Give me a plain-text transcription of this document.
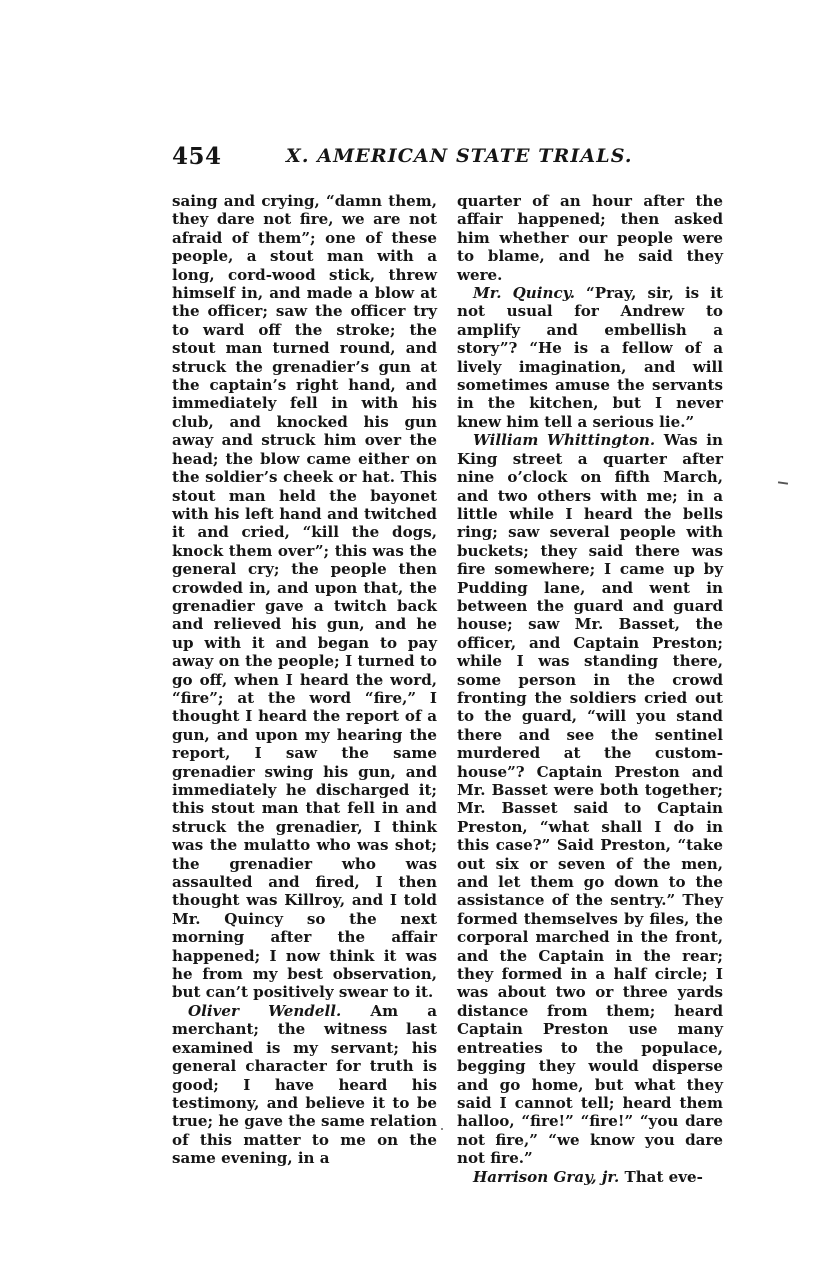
454	X. AMERICAN STATE TRIALS.

saing and crying, “damn them, they dare not fire, we are not afraid of them”; one of these people, a stout man with a long, cord-wood stick, threw himself in, and made a blow at the officer; saw the officer try to ward off the stroke; the stout man turned round, and struck the grenadier’s gun at the captain’s right hand, and immediately fell in with his club, and knocked his gun away and struck him over the head; the blow came either on the soldier’s cheek or hat. This stout man held the bayonet with his left hand and twitched it and cried, “kill the dogs, knock them over”; this was the general cry; the people then crowded in, and upon that, the grenadier gave a twitch back and relieved his gun, and he up with it and began to pay away on the people; I turned to go off, when I heard the word, “fire”; at the word “fire,” I thought I heard the report of a gun, and upon my hearing the report, I saw the same grenadier swing his gun, and immediately he discharged it; this stout man that fell in and struck the grenadier, I think was the mulatto who was shot; the grenadier who was assaulted and fired, I then thought was Killroy, and I told Mr. Quincy so the next morning after the affair happened; I now think it was he from my best observation, but can’t positively swear to it.

Oliver Wendell. Am a merchant; the witness last examined is my servant; his general character for truth is good; I have heard his testimony, and believe it to be true; he gave the same relation of this matter to me on the same evening, in a

quarter of an hour after the affair happened; then asked him whether our people were to blame, and he said they were.

Mr. Quincy. “Pray, sir, is it not usual for Andrew to amplify and embellish a story”? “He is a fellow of a lively imagination, and will sometimes amuse the servants in the kitchen, but I never knew him tell a serious lie.”

William Whittington. Was in King street a quarter after nine o’clock on fifth March, and two others with me; in a little while I heard the bells ring; saw several people with buckets; they said there was fire somewhere; I came up by Pudding lane, and went in between the guard and guard house; saw Mr. Basset, the officer, and Captain Preston; while I was standing there, some person in the crowd fronting the soldiers cried out to the guard, “will you stand there and see the sentinel murdered at the custom-house”? Captain Preston and Mr. Basset were both together; Mr. Basset said to Captain Preston, “what shall I do in this case?” Said Preston, “take out six or seven of the men, and let them go down to the assistance of the sentry.” They formed themselves by files, the corporal marched in the front, and the Captain in the rear; they formed in a half circle; I was about two or three yards distance from them; heard Captain Preston use many entreaties to the populace, begging they would disperse and go home, but what they said I cannot tell; heard them halloo, “fire!” “fire!” “you dare not fire,” “we know you dare not fire.”

Harrison Gray, jr. That eve-
